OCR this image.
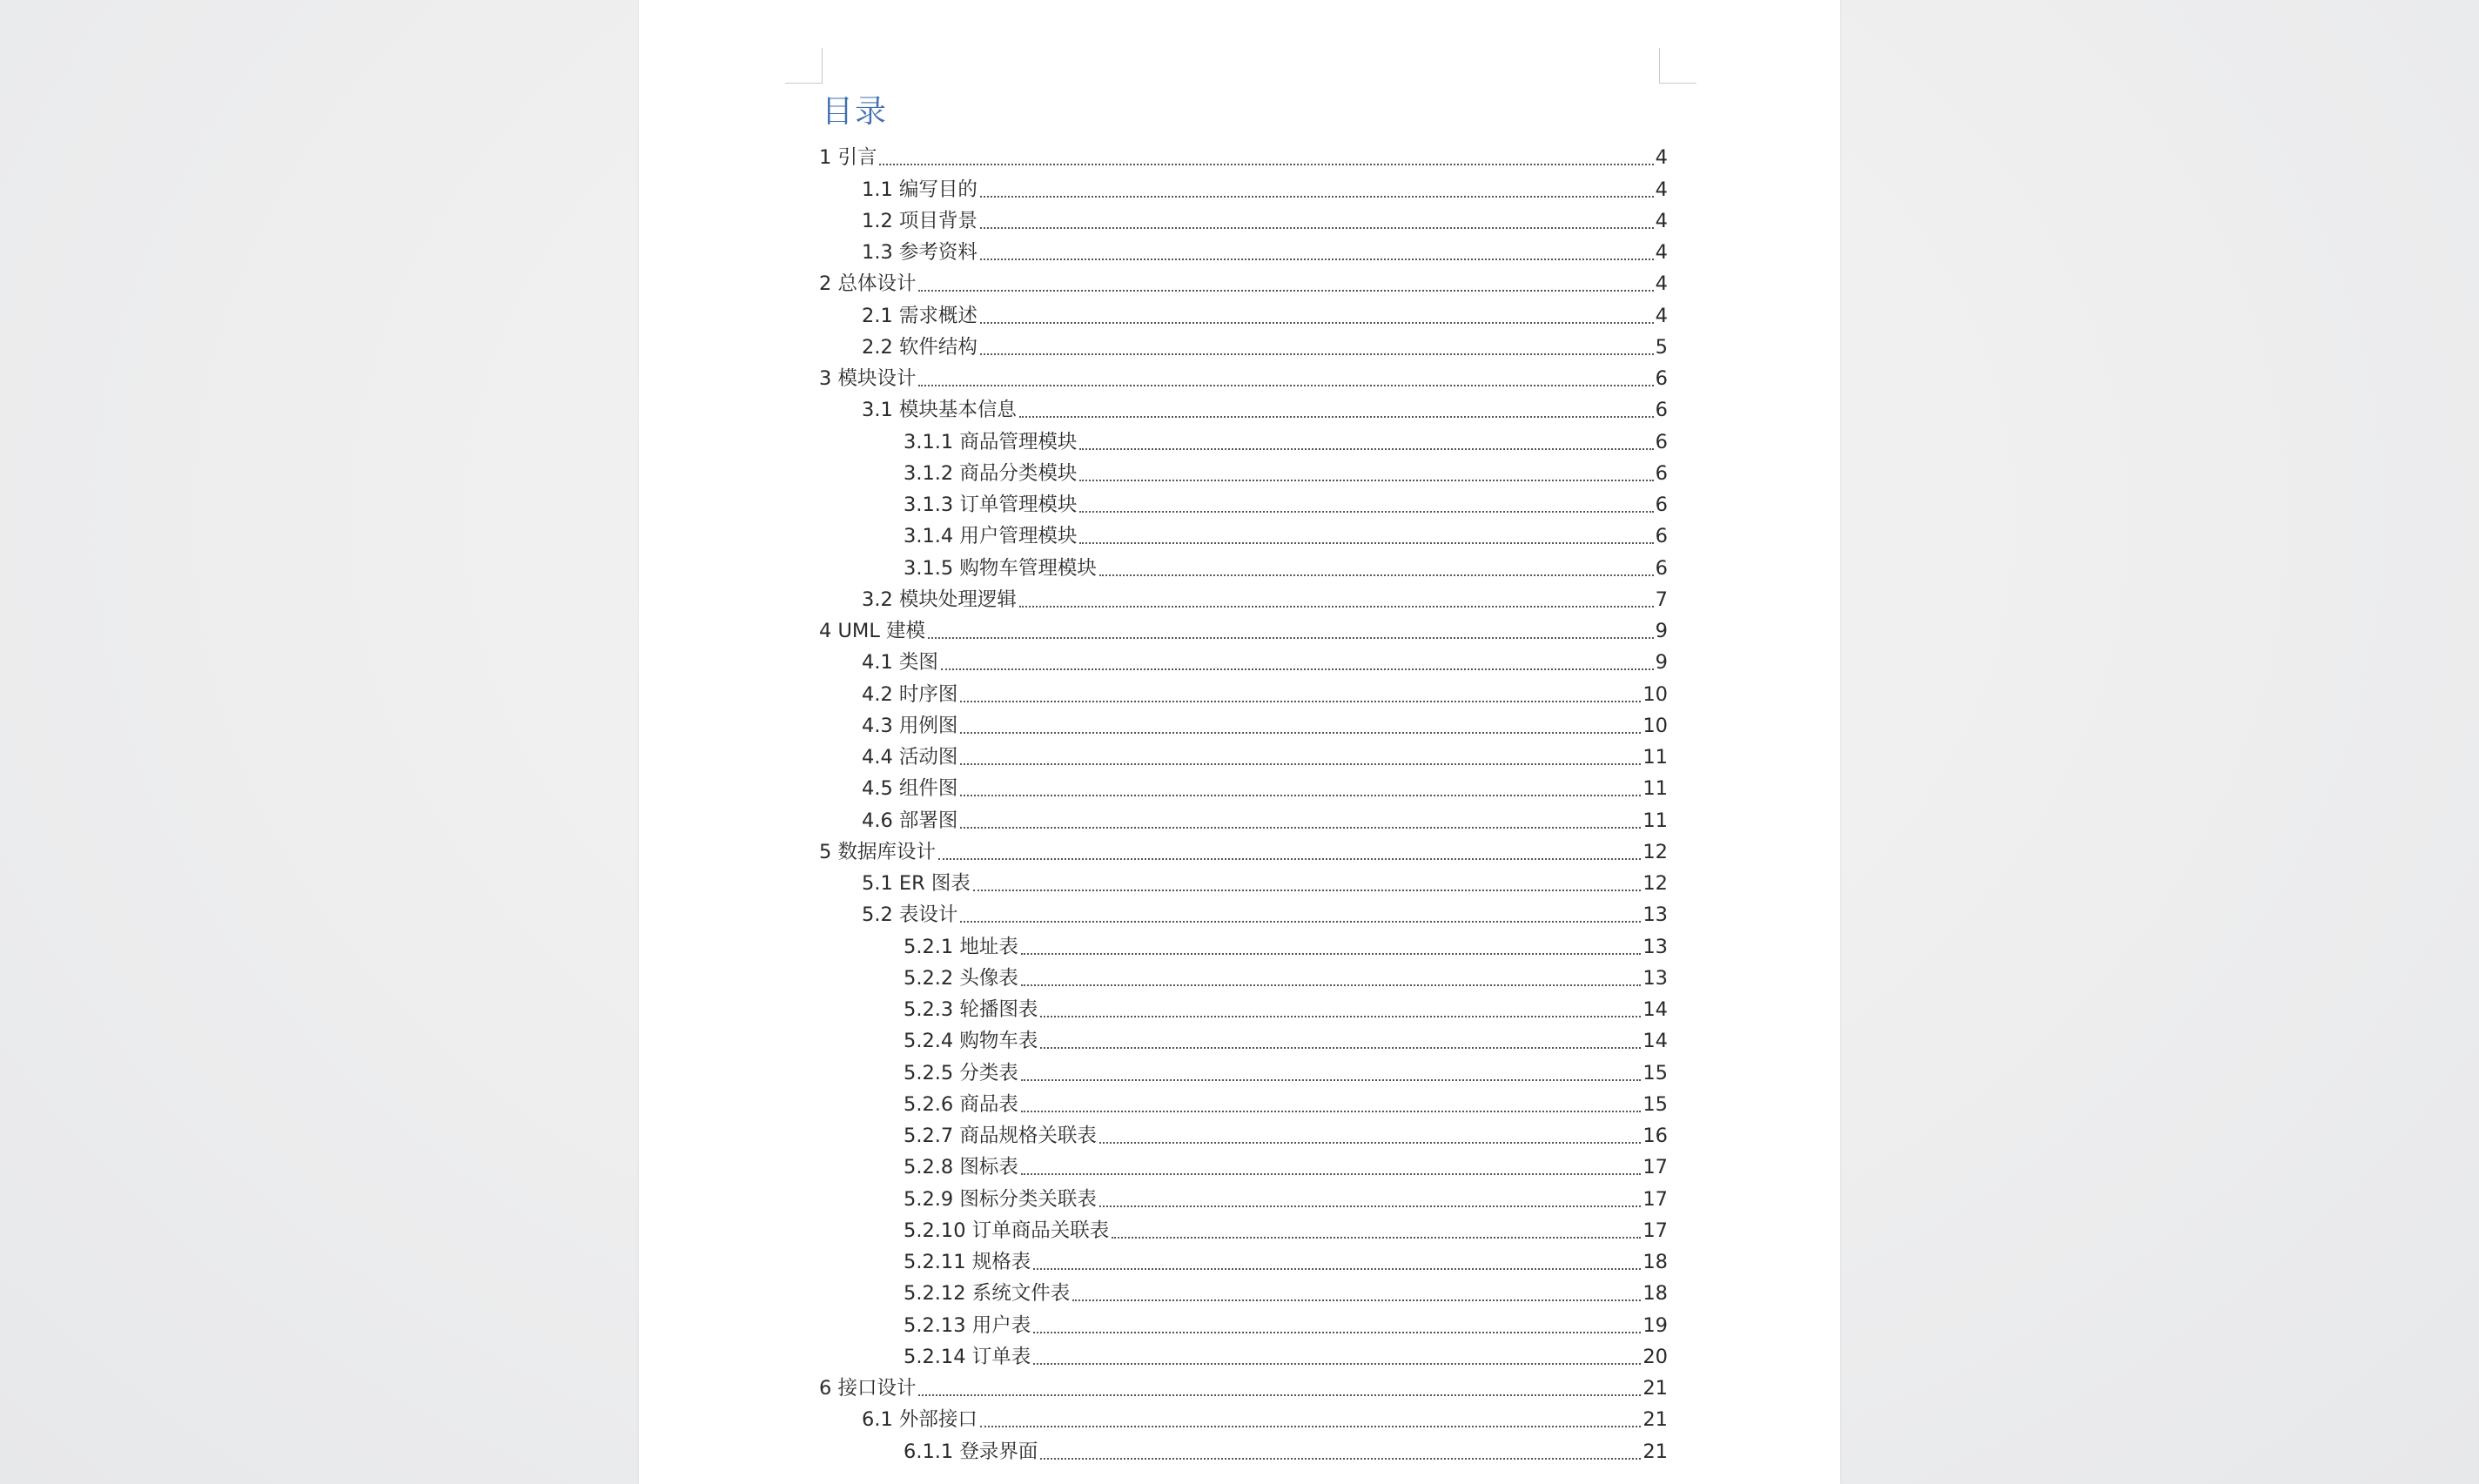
目录
1 引言	4
1.1 编写目的	4
1.2 项目背景	4
1.3 参考资料	4
2 总体设计	4
2.1 需求概述	4
2.2 软件结构	5
3 模块设计	6
3.1 模块基本信息	6
3.1.1 商品管理模块	6
3.1.2 商品分类模块	6
3.1.3 订单管理模块	6
3.1.4 用户管理模块	6
3.1.5 购物车管理模块	6
3.2 模块处理逻辑	7
4 UML 建模	9
4.1 类图	9
4.2 时序图	10
4.3 用例图	10
4.4 活动图	11
4.5 组件图	11
4.6 部署图	11
5 数据库设计	12
5.1 ER 图表	12
5.2 表设计	13
5.2.1 地址表	13
5.2.2 头像表	13
5.2.3 轮播图表	14
5.2.4 购物车表	14
5.2.5 分类表	15
5.2.6 商品表	15
5.2.7 商品规格关联表	16
5.2.8 图标表	17
5.2.9 图标分类关联表	17
5.2.10 订单商品关联表	17
5.2.11 规格表	18
5.2.12 系统文件表	18
5.2.13 用户表	19
5.2.14 订单表	20
6 接口设计	21
6.1 外部接口	21
6.1.1 登录界面	21
